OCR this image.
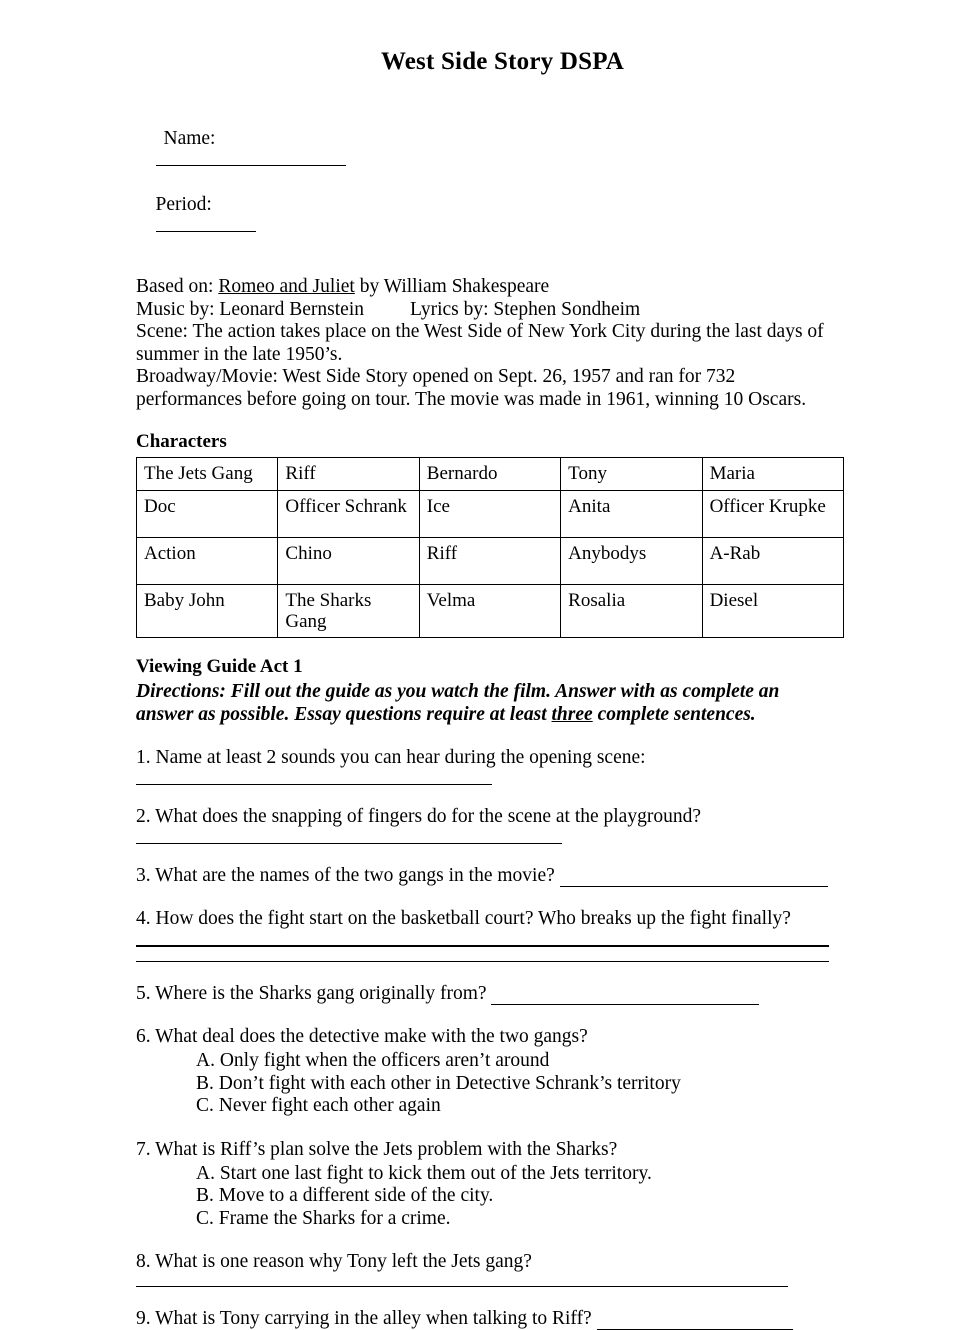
West Side Story DSPA

Name:

Period:

Based on: Romeo and Juliet by William Shakespeare

Music by: Leonard Bernstein Lyrics by: Stephen Sondheim

Scene: The action takes place on the West Side of New York City during the last days of summer in the late 1950’s.

Broadway/Movie: West Side Story opened on Sept. 26, 1957 and ran for 732 performances before going on tour. The movie was made in 1961, winning 10 Oscars.

Characters
The Jets Gang	Riff	Bernardo	Tony	Maria
Doc	Officer Schrank	Ice	Anita	Officer Krupke
Action	Chino	Riff	Anybodys	A-Rab
Baby John	The Sharks Gang	Velma	Rosalia	Diesel
Viewing Guide Act 1
Directions: Fill out the guide as you watch the film. Answer with as complete an answer as possible. Essay questions require at least three complete sentences.
1. Name at least 2 sounds you can hear during the opening scene:
2. What does the snapping of fingers do for the scene at the playground?
3. What are the names of the two gangs in the movie?
4. How does the fight start on the basketball court? Who breaks up the fight finally?
5. Where is the Sharks gang originally from?
6. What deal does the detective make with the two gangs?
A. Only fight when the officers aren’t around
B. Don’t fight with each other in Detective Schrank’s territory
C. Never fight each other again
7. What is Riff’s plan solve the Jets problem with the Sharks?
A. Start one last fight to kick them out of the Jets territory.
B. Move to a different side of the city.
C. Frame the Sharks for a crime.
8. What is one reason why Tony left the Jets gang?
9. What is Tony carrying in the alley when talking to Riff?
